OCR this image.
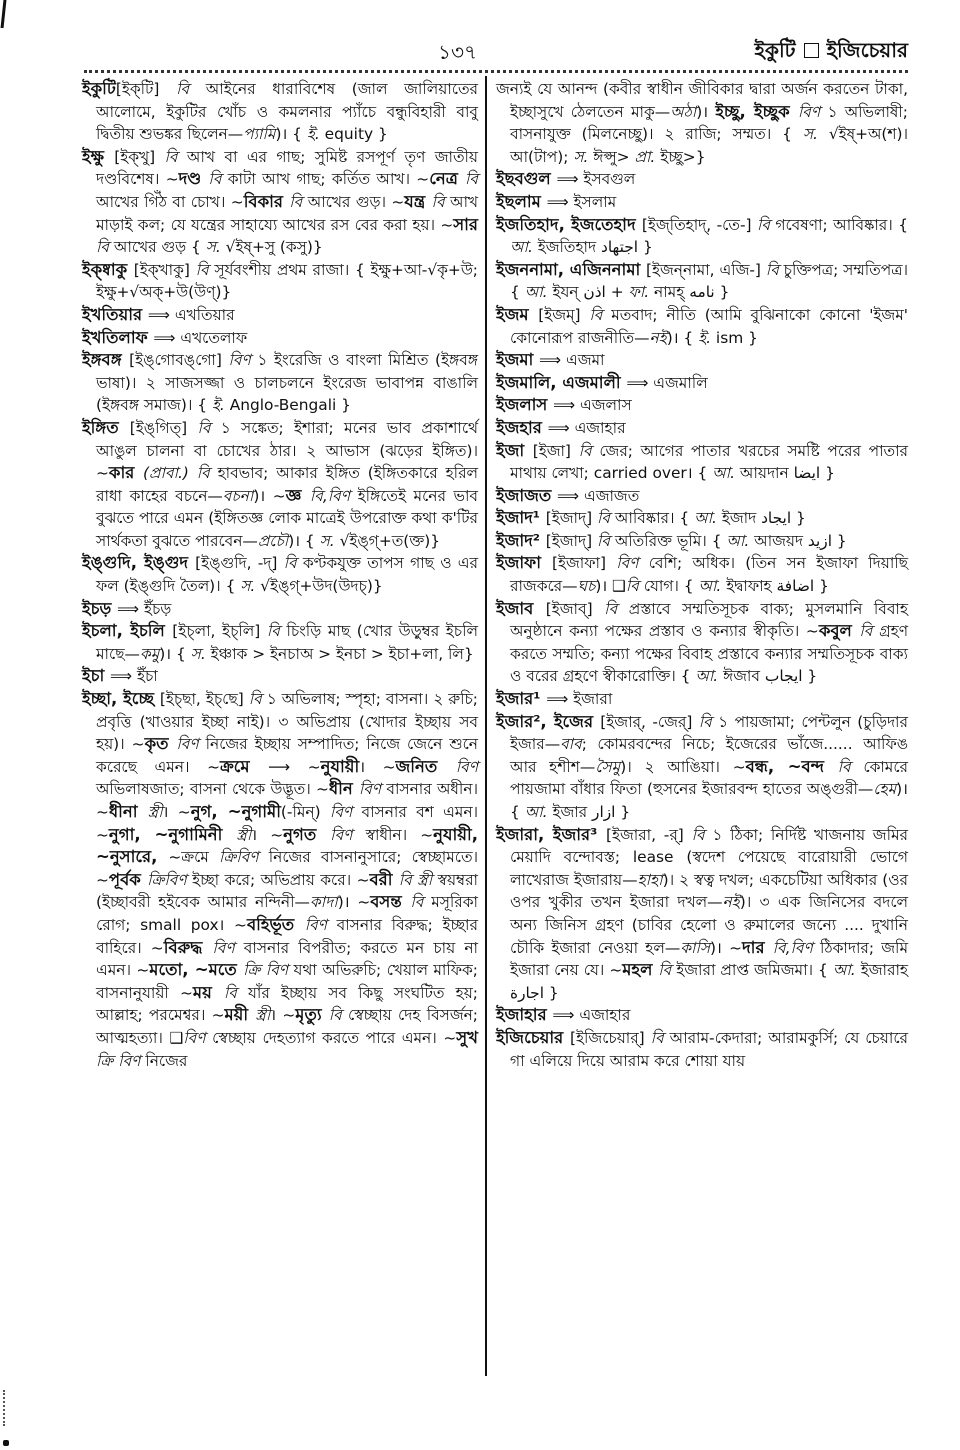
১৩৭	ইকুটি ইজিচেয়ার

ইকুটি[ইক্‌টি] বি আইনের ধারাবিশেষ (জাল জালিয়াতের আলোমে, ইকুটির খোঁচ ও কমলনার প্যাঁচে বন্ধুবিহারী বাবু দ্বিতীয় শুভঙ্কর ছিলেন—প্যামি)। { ই. equity }

ইক্ষু [ইক্‌খু] বি আখ বা এর গাছ; সুমিষ্ট রসপূর্ণ তৃণ জাতীয় দণ্ডবিশেষ। ~দণ্ড বি কাটা আখ গাছ; কর্তিত আখ। ~নেত্র বি আখের গিঁঠ বা চোখ। ~বিকার বি আখের গুড়। ~যন্ত্র বি আখ মাড়াই কল; যে যন্ত্রের সাহায্যে আখের রস বের করা হয়। ~সার বি আখের গুড় { স. √ইষ্‌+সু (কসু)}

ইক্ষ্বাকু [ইক্‌খাকু] বি সূর্যবংশীয় প্রথম রাজা। { ইক্ষু+আ-√কৃ+উ; ইক্ষু+√অক্‌+উ(উণ্‌)}

ইখতিয়ার ⟹ এখতিয়ার

ইখতিলাফ ⟹ এখতেলাফ

ইঙ্গবঙ্গ [ইঙ্‌গোবঙ্‌গো] বিণ ১ ইংরেজি ও বাংলা মিশ্রিত (ইঙ্গবঙ্গ ভাষা)। ২ সাজসজ্জা ও চালচলনে ইংরেজ ভাবাপন্ন বাঙালি (ইঙ্গবঙ্গ সমাজ)। { ই. Anglo-Bengali }

ইঙ্গিত [ইঙ্‌গিত্‌] বি ১ সঙ্কেত; ইশারা; মনের ভাব প্রকাশার্থে আঙুল চালনা বা চোখের ঠার। ২ আভাস (ঝড়ের ইঙ্গিত)। ~কার (প্রাবা.) বি হাবভাব; আকার ইঙ্গিত (ইঙ্গিতকারে হরিল রাধা কাহের বচনে—বচনা)। ~জ্ঞ বি,বিণ ইঙ্গিতেই মনের ভাব বুঝতে পারে এমন (ইঙ্গিতজ্ঞ লোক মাত্রেই উপরোক্ত কথা ক'টির সার্থকতা বুঝতে পারবেন—প্রচৌ)। { স. √ইঙ্গ্‌+ত(ক্ত)}

ইঙ্গুদি, ইঙ্গুদ [ইঙ্‌গুদি, -দ্‌] বি কণ্টকযুক্ত তাপস গাছ ও এর ফল (ইঙ্গুদি তৈল)। { স. √ইঙ্গ্‌+উদ(উদচ্‌)}

ইচড় ⟹ ইঁচড়

ইচলা, ইচলি [ইচ্‌লা, ইচ্‌লি] বি চিংড়ি মাছ (খোর উড়ুম্বর ইচলি মাছে—কমু)। { স. ইঞ্চাক > ইনচাঅ > ইনচা > ইচা+লা, লি}

ইচা ⟹ ইঁচা

ইচ্ছা, ইচ্ছে [ইচ্‌ছা, ইচ্‌ছে] বি ১ অভিলাষ; স্পৃহা; বাসনা। ২ রুচি; প্রবৃত্তি (খাওয়ার ইচ্ছা নাই)। ৩ অভিপ্রায় (খোদার ইচ্ছায় সব হয়)। ~কৃত বিণ নিজের ইচ্ছায় সম্পাদিত; নিজে জেনে শুনে করেছে এমন। ~ক্রমে ⟶ ~নুযায়ী। ~জনিত বিণ অভিলাষজাত; বাসনা থেকে উদ্ভূত। ~ধীন বিণ বাসনার অধীন। ~ধীনা স্ত্রী। ~নুগ, ~নুগামী(-মিন্‌) বিণ বাসনার বশ এমন। ~নুগা, ~নুগামিনী স্ত্রী। ~নুগত বিণ স্বাধীন। ~নুযায়ী, ~নুসারে, ~ক্রমে ক্রিবিণ নিজের বাসনানুসারে; স্বেচ্ছামতে। ~পূর্বক ক্রিবিণ ইচ্ছা করে; অভিপ্রায় করে। ~বরী বি স্ত্রী স্বয়ম্বরা (ইচ্ছাবরী হইবেক আমার নন্দিনী—কাদা)। ~বসন্ত বি মসূরিকা রোগ; small pox। ~বহির্ভূত বিণ বাসনার বিরুদ্ধ; ইচ্ছার বাহিরে। ~বিরুদ্ধ বিণ বাসনার বিপরীত; করতে মন চায় না এমন। ~মতো, ~মতে ক্রি বিণ যথা অভিরুচি; খেয়াল মাফিক; বাসনানুযায়ী ~ময় বি যাঁর ইচ্ছায় সব কিছু সংঘটিত হয়; আল্লাহ; পরমেশ্বর। ~ময়ী স্ত্রী। ~মৃত্যু বি স্বেচ্ছায় দেহ বিসর্জন; আত্মহত্যা। ❑বিণ স্বেচ্ছায় দেহত্যাগ করতে পারে এমন। ~সুখ ক্রি বিণ নিজের

জন্যই যে আনন্দ (কবীর স্বাধীন জীবিকার দ্বারা অর্জন করতেন টাকা, ইচ্ছাসুখে ঠেলতেন মাকু—অঠা)। ইচ্ছু, ইচ্ছুক বিণ ১ অভিলাষী; বাসনাযুক্ত (মিলনেচ্ছু)। ২ রাজি; সম্মত। { স. √ইষ্‌+অ(শ)। আ(টাপ); স. ঈপ্সু> প্রা. ইচ্ছু>}

ইছবগুল ⟹ ইসবগুল

ইছলাম ⟹ ইসলাম

ইজতিহাদ, ইজতেহাদ [ইজ্‌তিহাদ্‌, -তে-] বি গবেষণা; আবিষ্কার। { আ. ইজতিহাদ اجتهاد }

ইজননামা, এজিননামা [ইজন্‌নামা, এজি-] বি চুক্তিপত্র; সম্মতিপত্র। { আ. ইযন্‌ اذن + ফা. নামহ্‌ نامه }

ইজম [ইজম্‌] বি মতবাদ; নীতি (আমি বুঝিনাকো কোনো 'ইজম' কোনোরূপ রাজনীতি—নই)। { ই. ism }

ইজমা ⟹ এজমা

ইজমালি, এজমালী ⟹ এজমালি

ইজলাস ⟹ এজলাস

ইজহার ⟹ এজাহার

ইজা [ইজা] বি জের; আগের পাতার খরচের সমষ্টি পরের পাতার মাথায় লেখা; carried over। { আ. আয়দান ايضا }

ইজাজত ⟹ এজাজত

ইজাদ¹ [ইজাদ্‌] বি আবিষ্কার। { আ. ইজাদ ايجاد }

ইজাদ² [ইজাদ্‌] বি অতিরিক্ত ভূমি। { আ. আজয়দ ازيد }

ইজাফা [ইজাফা] বিণ বেশি; অধিক। (তিন সন ইজাফা দিয়াছি রাজকরে—ঘচ)। ❑বি যোগ। { আ. ইদ্বাফাহ اضافة }

ইজাব [ইজাব্‌] বি প্রস্তাবে সম্মতিসূচক বাক্য; মুসলমানি বিবাহ অনুষ্ঠানে কন্যা পক্ষের প্রস্তাব ও কন্যার স্বীকৃতি। ~কবুল বি গ্রহণ করতে সম্মতি; কন্যা পক্ষের বিবাহ প্রস্তাবে কন্যার সম্মতিসূচক বাক্য ও বরের গ্রহণে স্বীকারোক্তি। { আ. ঈজাব ايجاب }

ইজার¹ ⟹ ইজারা

ইজার², ইজের [ইজার্‌, -জের্‌] বি ১ পায়জামা; পেন্টলুন (চুড়িদার ইজার—বাব; কোমরবন্দের নিচে; ইজেরের ভাঁজে...... আফিঙ আর হশীশ—সৈমু)। ২ আঙিয়া। ~বন্ধ, ~বন্দ বি কোমরে পায়জামা বাঁধার ফিতা (হুসনের ইজারবন্দ হাতের অঙ্গুরী—হেম)। { আ. ইজার ازار }

ইজারা, ইজার³ [ইজারা, -র্‌] বি ১ ঠিকা; নির্দিষ্ট খাজনায় জমির মেয়াদি বন্দোবস্ত; lease (স্বদেশ পেয়েছে বারোয়ারী ভোগে লাখেরাজ ইজারায়—হাহা)। ২ স্বত্ব দখল; একচেটিয়া অধিকার (ওর ওপর খুকীর তখন ইজারা দখল—নই)। ৩ এক জিনিসের বদলে অন্য জিনিস গ্রহণ (চাবির হেলো ও রুমালের জন্যে .... দুখানি চৌকি ইজারা নেওয়া হল—কাসি)। ~দার বি,বিণ ঠিকাদার; জমি ইজারা নেয় যে। ~মহল বি ইজারা প্রাপ্ত জমিজমা। { আ. ইজারাহ اجارة }

ইজাহার ⟹ এজাহার

ইজিচেয়ার [ইজিচেয়ার্‌] বি আরাম-কেদারা; আরামকুর্সি; যে চেয়ারে গা এলিয়ে দিয়ে আরাম করে শোয়া যায়
